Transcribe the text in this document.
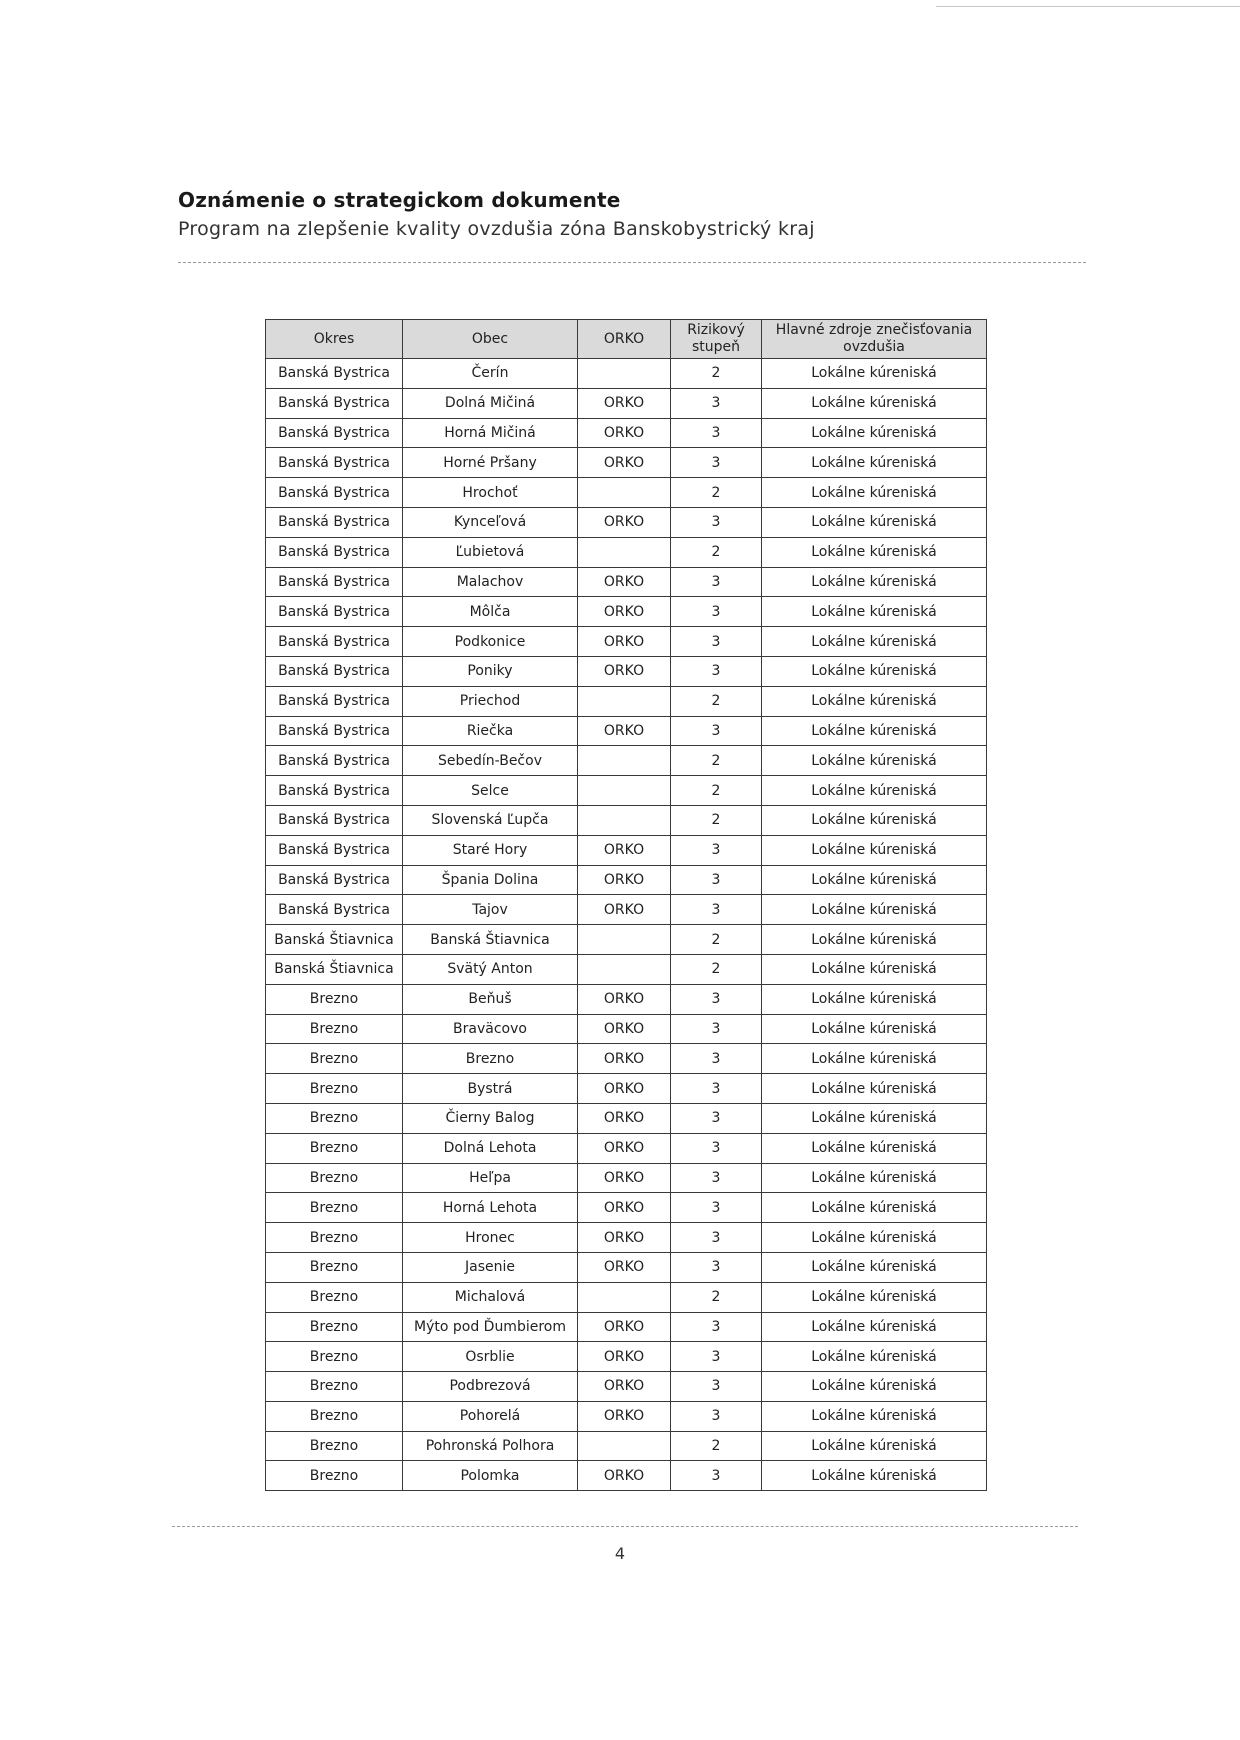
Oznámenie o strategickom dokumente
Program na zlepšenie kvality ovzdušia zóna Banskobystrický kraj
Okres	Obec	ORKO	Rizikový stupeň	Hlavné zdroje znečisťovania ovzdušia
Banská Bystrica	Čerín		2	Lokálne kúreniská
Banská Bystrica	Dolná Mičiná	ORKO	3	Lokálne kúreniská
Banská Bystrica	Horná Mičiná	ORKO	3	Lokálne kúreniská
Banská Bystrica	Horné Pršany	ORKO	3	Lokálne kúreniská
Banská Bystrica	Hrochoť		2	Lokálne kúreniská
Banská Bystrica	Kynceľová	ORKO	3	Lokálne kúreniská
Banská Bystrica	Ľubietová		2	Lokálne kúreniská
Banská Bystrica	Malachov	ORKO	3	Lokálne kúreniská
Banská Bystrica	Môlča	ORKO	3	Lokálne kúreniská
Banská Bystrica	Podkonice	ORKO	3	Lokálne kúreniská
Banská Bystrica	Poniky	ORKO	3	Lokálne kúreniská
Banská Bystrica	Priechod		2	Lokálne kúreniská
Banská Bystrica	Riečka	ORKO	3	Lokálne kúreniská
Banská Bystrica	Sebedín-Bečov		2	Lokálne kúreniská
Banská Bystrica	Selce		2	Lokálne kúreniská
Banská Bystrica	Slovenská Ľupča		2	Lokálne kúreniská
Banská Bystrica	Staré Hory	ORKO	3	Lokálne kúreniská
Banská Bystrica	Špania Dolina	ORKO	3	Lokálne kúreniská
Banská Bystrica	Tajov	ORKO	3	Lokálne kúreniská
Banská Štiavnica	Banská Štiavnica		2	Lokálne kúreniská
Banská Štiavnica	Svätý Anton		2	Lokálne kúreniská
Brezno	Beňuš	ORKO	3	Lokálne kúreniská
Brezno	Braväcovo	ORKO	3	Lokálne kúreniská
Brezno	Brezno	ORKO	3	Lokálne kúreniská
Brezno	Bystrá	ORKO	3	Lokálne kúreniská
Brezno	Čierny Balog	ORKO	3	Lokálne kúreniská
Brezno	Dolná Lehota	ORKO	3	Lokálne kúreniská
Brezno	Heľpa	ORKO	3	Lokálne kúreniská
Brezno	Horná Lehota	ORKO	3	Lokálne kúreniská
Brezno	Hronec	ORKO	3	Lokálne kúreniská
Brezno	Jasenie	ORKO	3	Lokálne kúreniská
Brezno	Michalová		2	Lokálne kúreniská
Brezno	Mýto pod Ďumbierom	ORKO	3	Lokálne kúreniská
Brezno	Osrblie	ORKO	3	Lokálne kúreniská
Brezno	Podbrezová	ORKO	3	Lokálne kúreniská
Brezno	Pohorelá	ORKO	3	Lokálne kúreniská
Brezno	Pohronská Polhora		2	Lokálne kúreniská
Brezno	Polomka	ORKO	3	Lokálne kúreniská
4
